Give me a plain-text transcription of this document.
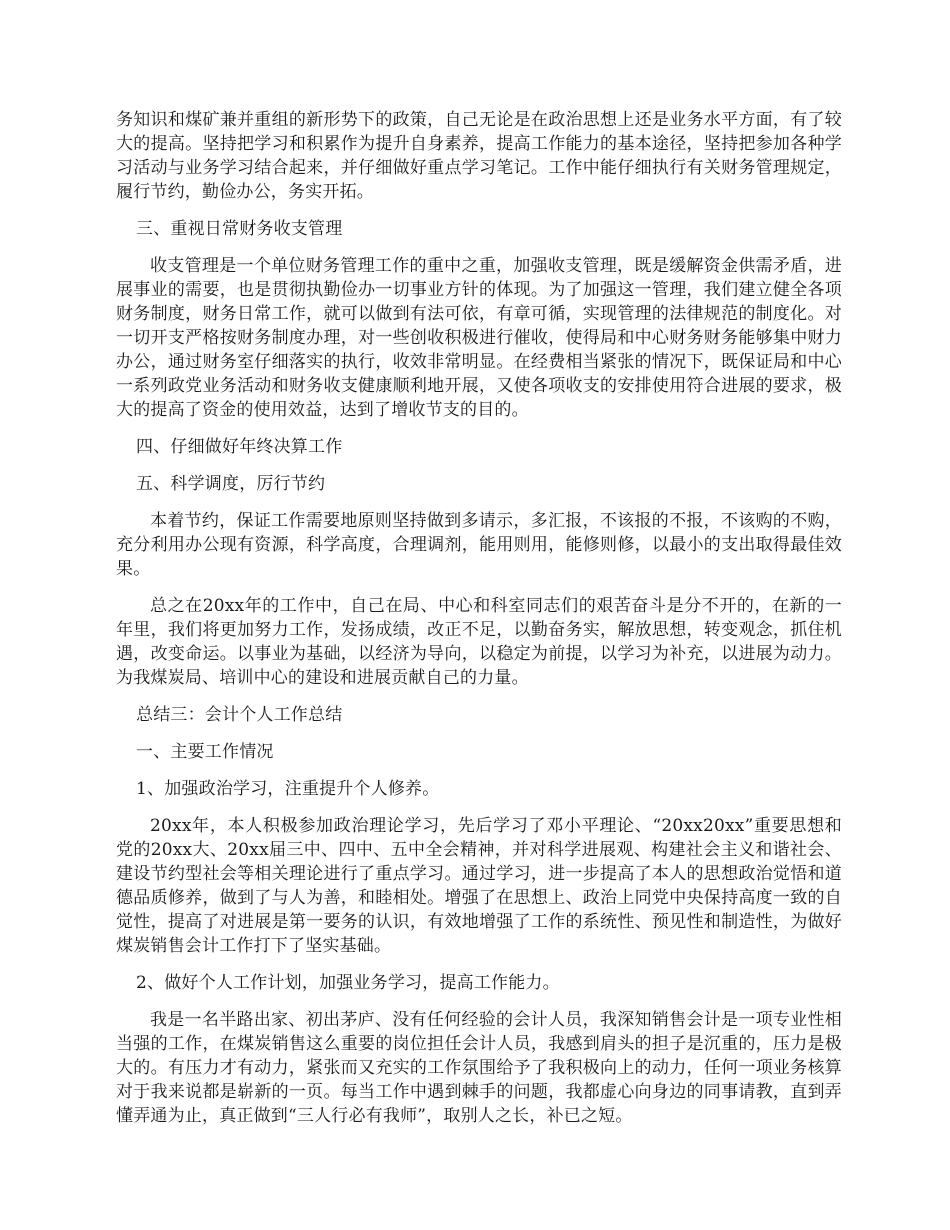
务知识和煤矿兼并重组的新形势下的政策，自己无论是在政治思想上还是业务水平方面，有了较大的提高。坚持把学习和积累作为提升自身素养，提高工作能力的基本途径，坚持把参加各种学习活动与业务学习结合起来，并仔细做好重点学习笔记。工作中能仔细执行有关财务管理规定，履行节约，勤俭办公，务实开拓。

三、重视日常财务收支管理

收支管理是一个单位财务管理工作的重中之重，加强收支管理，既是缓解资金供需矛盾，进展事业的需要，也是贯彻执勤俭办一切事业方针的体现。为了加强这一管理，我们建立健全各项财务制度，财务日常工作，就可以做到有法可依，有章可循，实现管理的法律规范的制度化。对一切开支严格按财务制度办理，对一些创收积极进行催收，使得局和中心财务财务能够集中财力办公，通过财务室仔细落实的执行，收效非常明显。在经费相当紧张的情况下，既保证局和中心一系列政党业务活动和财务收支健康顺利地开展，又使各项收支的安排使用符合进展的要求，极大的提高了资金的使用效益，达到了增收节支的目的。

四、仔细做好年终决算工作

五、科学调度，厉行节约

本着节约，保证工作需要地原则坚持做到多请示，多汇报，不该报的不报，不该购的不购，充分利用办公现有资源，科学高度，合理调剂，能用则用，能修则修，以最小的支出取得最佳效果。

总之在20xx年的工作中，自己在局、中心和科室同志们的艰苦奋斗是分不开的，在新的一年里，我们将更加努力工作，发扬成绩，改正不足，以勤奋务实，解放思想，转变观念，抓住机遇，改变命运。以事业为基础，以经济为导向，以稳定为前提，以学习为补充，以进展为动力。为我煤炭局、培训中心的建设和进展贡献自己的力量。

总结三：会计个人工作总结

一、主要工作情况

1、加强政治学习，注重提升个人修养。

20xx年，本人积极参加政治理论学习，先后学习了邓小平理论、“20xx20xx”重要思想和党的20xx大、20xx届三中、四中、五中全会精神，并对科学进展观、构建社会主义和谐社会、建设节约型社会等相关理论进行了重点学习。通过学习，进一步提高了本人的思想政治觉悟和道德品质修养，做到了与人为善，和睦相处。增强了在思想上、政治上同党中央保持高度一致的自觉性，提高了对进展是第一要务的认识，有效地增强了工作的系统性、预见性和制造性，为做好煤炭销售会计工作打下了坚实基础。

2、做好个人工作计划，加强业务学习，提高工作能力。

我是一名半路出家、初出茅庐、没有任何经验的会计人员，我深知销售会计是一项专业性相当强的工作，在煤炭销售这么重要的岗位担任会计人员，我感到肩头的担子是沉重的，压力是极大的。有压力才有动力，紧张而又充实的工作氛围给予了我积极向上的动力，任何一项业务核算对于我来说都是崭新的一页。每当工作中遇到棘手的问题，我都虚心向身边的同事请教，直到弄懂弄通为止，真正做到“三人行必有我师”，取别人之长，补已之短。
